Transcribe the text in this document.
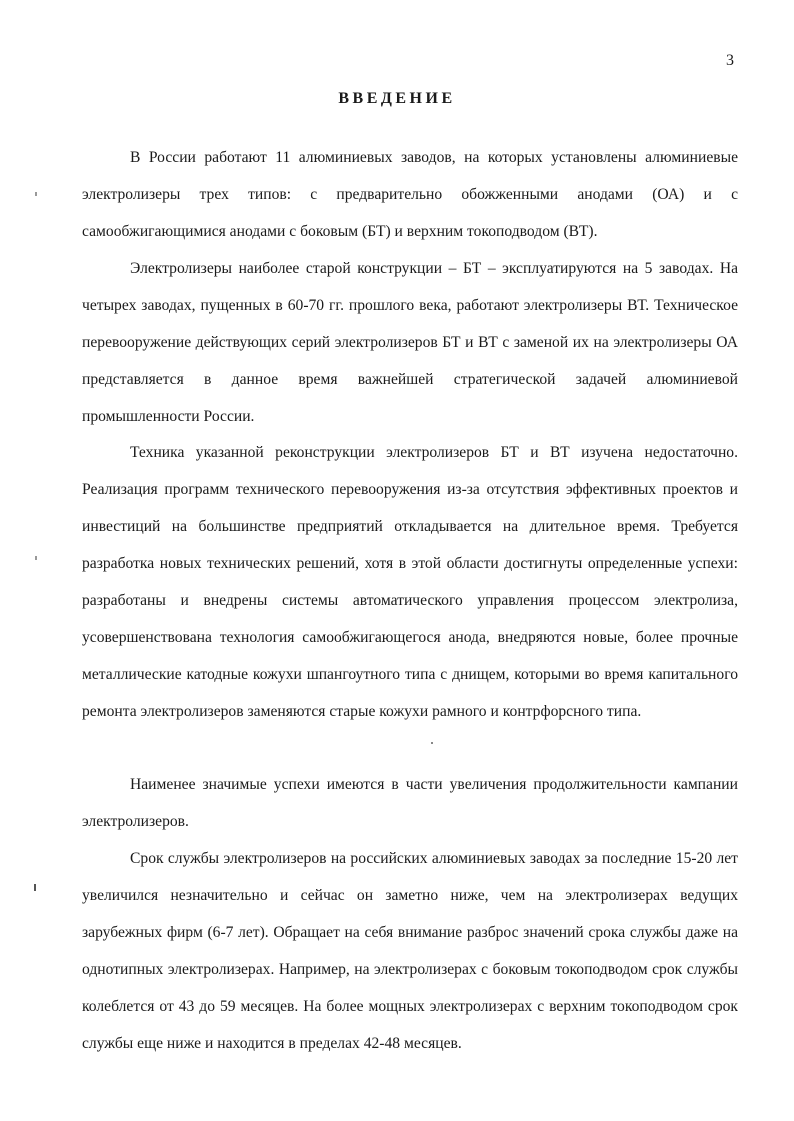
3
ВВЕДЕНИЕ

В России работают 11 алюминиевых заводов, на которых установлены алюминиевые электролизеры трех типов: с предварительно обожженными анодами (ОА) и с самообжигающимися анодами с боковым (БТ) и верхним токоподводом (ВТ).

Электролизеры наиболее старой конструкции – БТ – эксплуатируются на 5 заводах. На четырех заводах, пущенных в 60-70 гг. прошлого века, работают электролизеры ВТ. Техническое перевооружение действующих серий электролизеров БТ и ВТ с заменой их на электролизеры ОА представляется в данное время важнейшей стратегической задачей алюминиевой промышленности России.

Техника указанной реконструкции электролизеров БТ и ВТ изучена недостаточно. Реализация программ технического перевооружения из-за отсутствия эффективных проектов и инвестиций на большинстве предприятий откладывается на длительное время. Требуется разработка новых технических решений, хотя в этой области достигнуты определенные успехи: разработаны и внедрены системы автоматического управления процессом электролиза, усовершенствована технология самообжигающегося анода, внедряются новые, более прочные металлические катодные кожухи шпангоутного типа с днищем, которыми во время капитального ремонта электролизеров заменяются старые кожухи рамного и контрфорсного типа.

Наименее значимые успехи имеются в части увеличения продолжительности кампании электролизеров.

Срок службы электролизеров на российских алюминиевых заводах за последние 15-20 лет увеличился незначительно и сейчас он заметно ниже, чем на электролизерах ведущих зарубежных фирм (6-7 лет). Обращает на себя внимание разброс значений срока службы даже на однотипных электролизерах. Например, на электролизерах с боковым токоподводом срок службы колеблется от 43 до 59 месяцев. На более мощных электролизерах с верхним токоподводом срок службы еще ниже и находится в пределах 42-48 месяцев.
